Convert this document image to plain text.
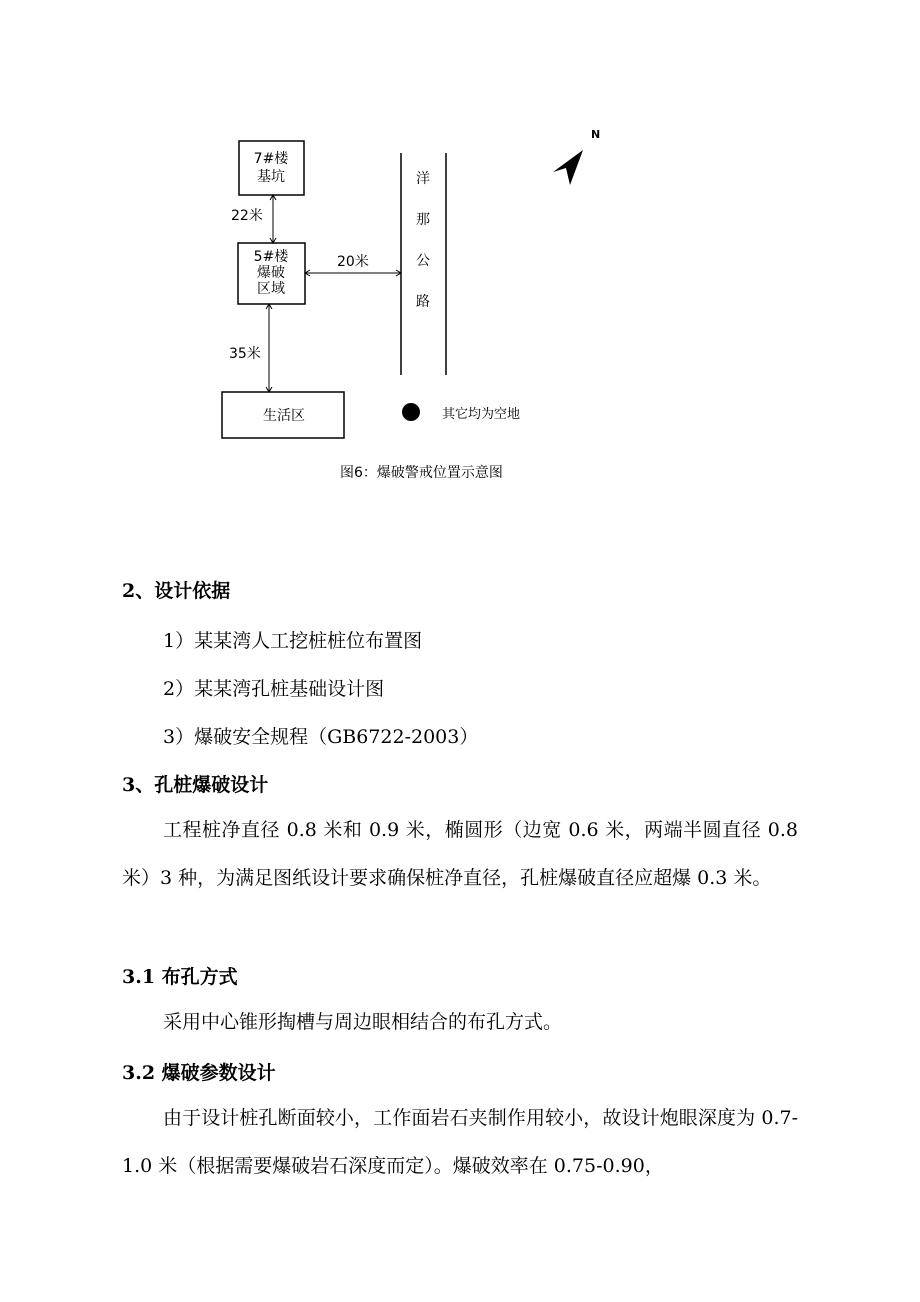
7#楼
基坑
5#楼
爆破
区域
生活区
洋
那
公
路
22米
20米
35米
N
其它均为空地
图6：爆破警戒位置示意图
2、设计依据
1）某某湾人工挖桩桩位布置图
2）某某湾孔桩基础设计图
3）爆破安全规程（GB6722-2003）
3、孔桩爆破设计
工程桩净直径 0.8 米和 0.9 米，椭圆形（边宽 0.6 米，两端半圆直径 0.8 米）3 种，为满足图纸设计要求确保桩净直径，孔桩爆破直径应超爆 0.3 米。
3.1 布孔方式
采用中心锥形掏槽与周边眼相结合的布孔方式。
3.2 爆破参数设计
由于设计桩孔断面较小，工作面岩石夹制作用较小，故设计炮眼深度为 0.7-1.0 米（根据需要爆破岩石深度而定）。爆破效率在 0.75-0.90，
